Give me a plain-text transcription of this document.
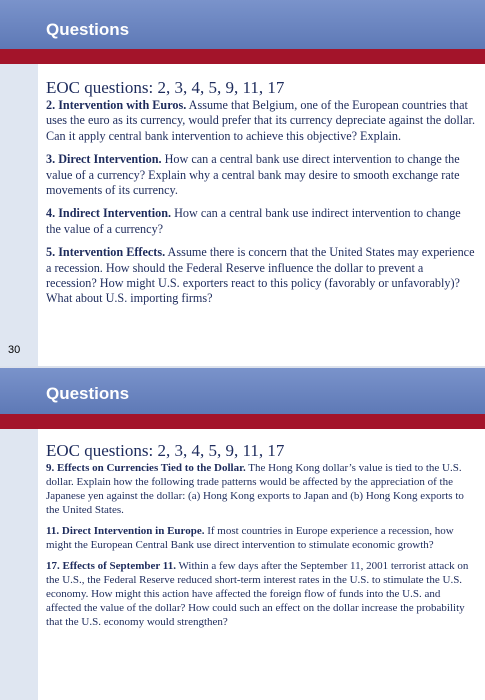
Questions
EOC questions: 2, 3, 4, 5, 9, 11, 17

2. Intervention with Euros. Assume that Belgium, one of the European countries that uses the euro as its currency, would prefer that its currency depreciate against the dollar. Can it apply central bank intervention to achieve this objective? Explain.

3. Direct Intervention. How can a central bank use direct intervention to change the value of a currency? Explain why a central bank may desire to smooth exchange rate movements of its currency.

4. Indirect Intervention. How can a central bank use indirect intervention to change the value of a currency?

5. Intervention Effects. Assume there is concern that the United States may experience a recession. How should the Federal Reserve influence the dollar to prevent a recession? How might U.S. exporters react to this policy (favorably or unfavorably)? What about U.S. importing firms?

30
Questions
EOC questions: 2, 3, 4, 5, 9, 11, 17

9. Effects on Currencies Tied to the Dollar. The Hong Kong dollar’s value is tied to the U.S. dollar. Explain how the following trade patterns would be affected by the appreciation of the Japanese yen against the dollar: (a) Hong Kong exports to Japan and (b) Hong Kong exports to the United States.

11. Direct Intervention in Europe. If most countries in Europe experience a recession, how might the European Central Bank use direct intervention to stimulate economic growth?

17. Effects of September 11. Within a few days after the September 11, 2001 terrorist attack on the U.S., the Federal Reserve reduced short-term interest rates in the U.S. to stimulate the U.S. economy. How might this action have affected the foreign flow of funds into the U.S. and affected the value of the dollar? How could such an effect on the dollar increase the probability that the U.S. economy would strengthen?
